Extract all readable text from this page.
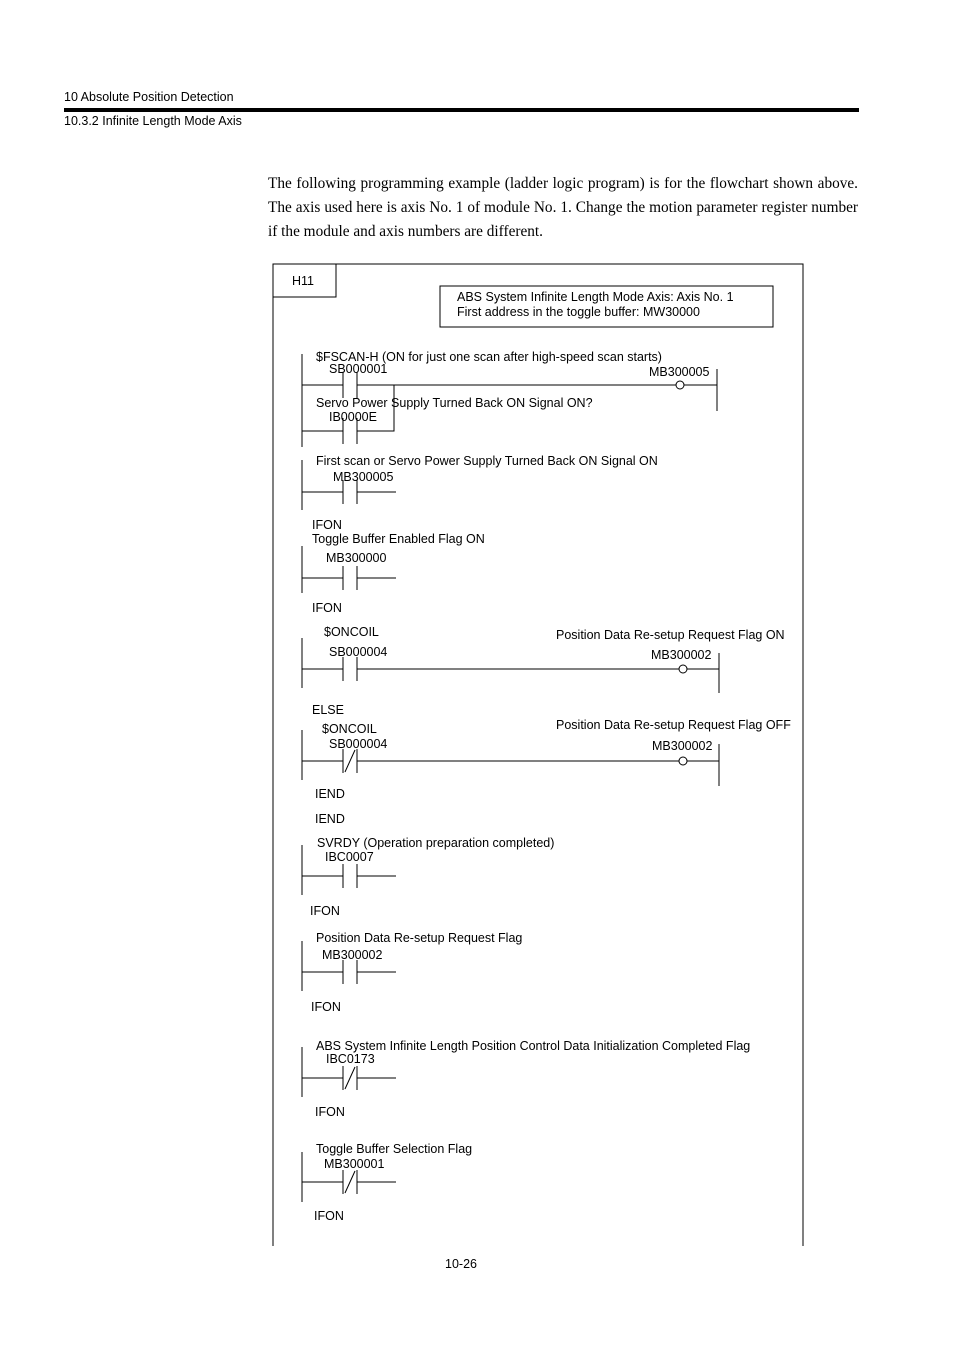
10 Absolute Position Detection
10.3.2 Infinite Length Mode Axis

The following programming example (ladder logic program) is for the flowchart shown above. The axis used here is axis No. 1 of module No. 1. Change the motion parameter register number if the module and axis numbers are different.

H11
ABS System Infinite Length Mode Axis: Axis No. 1
First address in the toggle buffer: MW30000
$FSCAN-H (ON for just one scan after high-speed scan starts)
SB000001	MB300005
Servo Power Supply Turned Back ON Signal ON?
IB0000E
First scan or Servo Power Supply Turned Back ON Signal ON
MB300005
IFON
Toggle Buffer Enabled Flag ON
MB300000
IFON
$ONCOIL
SB000004
Position Data Re-setup Request Flag ON
MB300002
ELSE
$ONCOIL
SB000004
Position Data Re-setup Request Flag OFF
MB300002
IEND
IEND
SVRDY (Operation preparation completed)
IBC0007
IFON
Position Data Re-setup Request Flag
MB300002
IFON
ABS System Infinite Length Position Control Data Initialization Completed Flag
IBC0173
IFON
Toggle Buffer Selection Flag
MB300001
IFON
10-26
